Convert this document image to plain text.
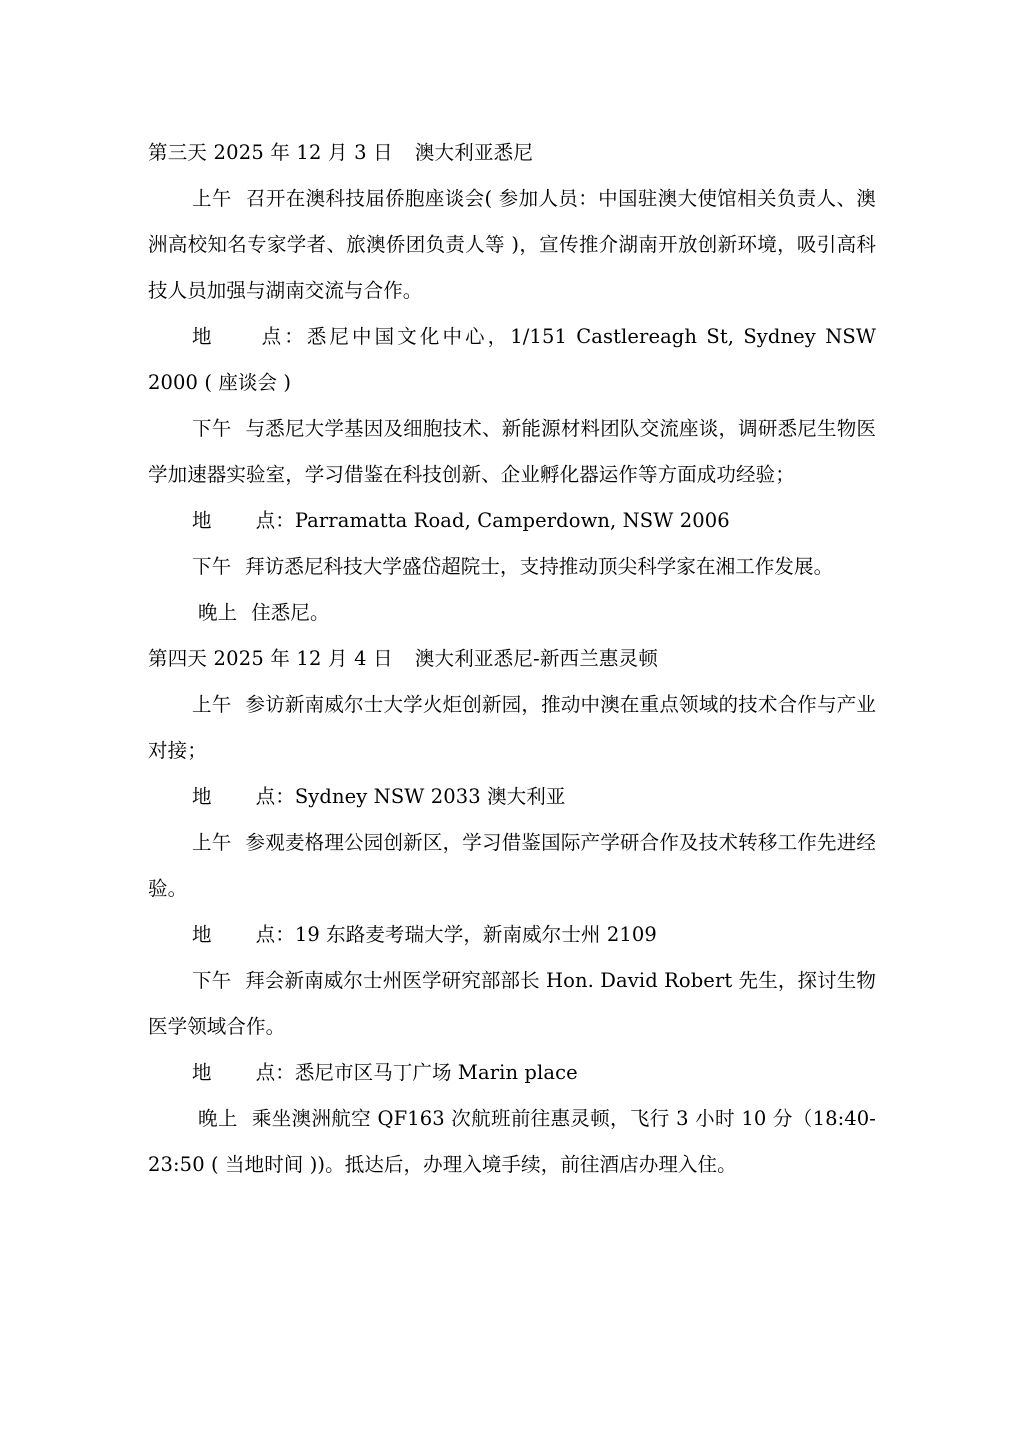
第三天 2025 年 12 月 3 日 澳大利亚悉尼

上午 召开在澳科技届侨胞座谈会( 参加人员：中国驻澳大使馆相关负责人、澳洲高校知名专家学者、旅澳侨团负责人等 )，宣传推介湖南开放创新环境，吸引高科技人员加强与湖南交流与合作。

地 点：悉尼中国文化中心，1/151 Castlereagh St, Sydney NSW 2000 ( 座谈会 )

下午 与悉尼大学基因及细胞技术、新能源材料团队交流座谈，调研悉尼生物医学加速器实验室，学习借鉴在科技创新、企业孵化器运作等方面成功经验；

地 点：Parramatta Road, Camperdown, NSW 2006

下午 拜访悉尼科技大学盛岱超院士，支持推动顶尖科学家在湘工作发展。

晚上 住悉尼。

第四天 2025 年 12 月 4 日 澳大利亚悉尼-新西兰惠灵顿

上午 参访新南威尔士大学火炬创新园，推动中澳在重点领域的技术合作与产业对接；

地 点：Sydney NSW 2033 澳大利亚

上午 参观麦格理公园创新区，学习借鉴国际产学研合作及技术转移工作先进经验。

地 点：19 东路麦考瑞大学，新南威尔士州 2109

下午 拜会新南威尔士州医学研究部部长 Hon. David Robert 先生，探讨生物医学领域合作。

地 点：悉尼市区马丁广场 Marin place

晚上 乘坐澳洲航空 QF163 次航班前往惠灵顿，飞行 3 小时 10 分（18:40-23:50 ( 当地时间 ))。抵达后，办理入境手续，前往酒店办理入住。
